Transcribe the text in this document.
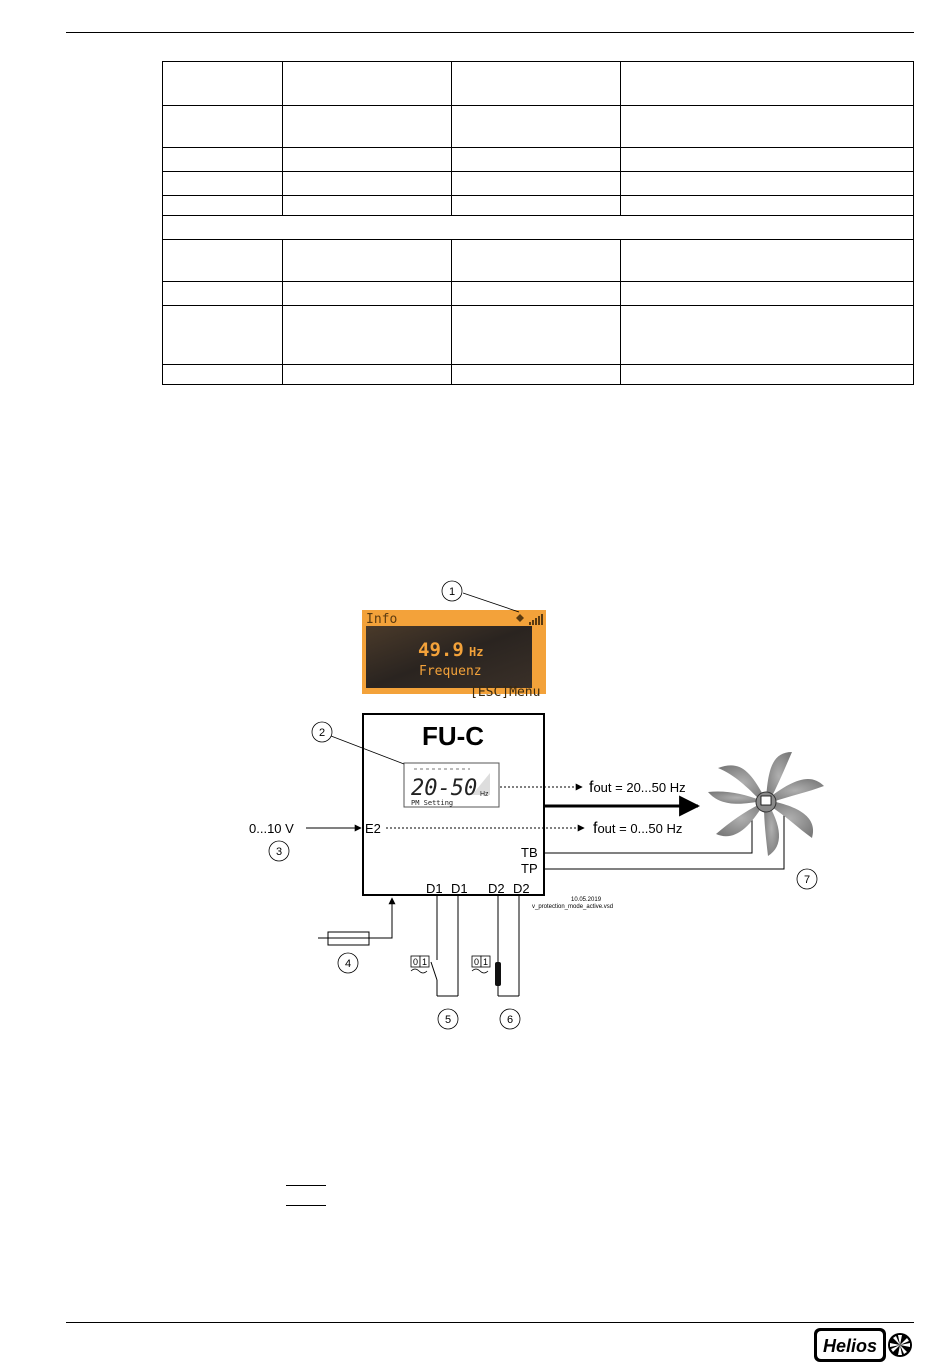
Info
49.9 Hz
Frequenz
[ESC]Menu
1
FU-C
20-50 Hz
PM Setting
2
fout = 20...50 Hz
0...10 V	E2	fout = 0...50 Hz
3	TB
TP
7
D1 D1 D2 D2
10.05.2019
v_protection_mode_active.vsd
4	0 1
5
0 1
6
Helios
